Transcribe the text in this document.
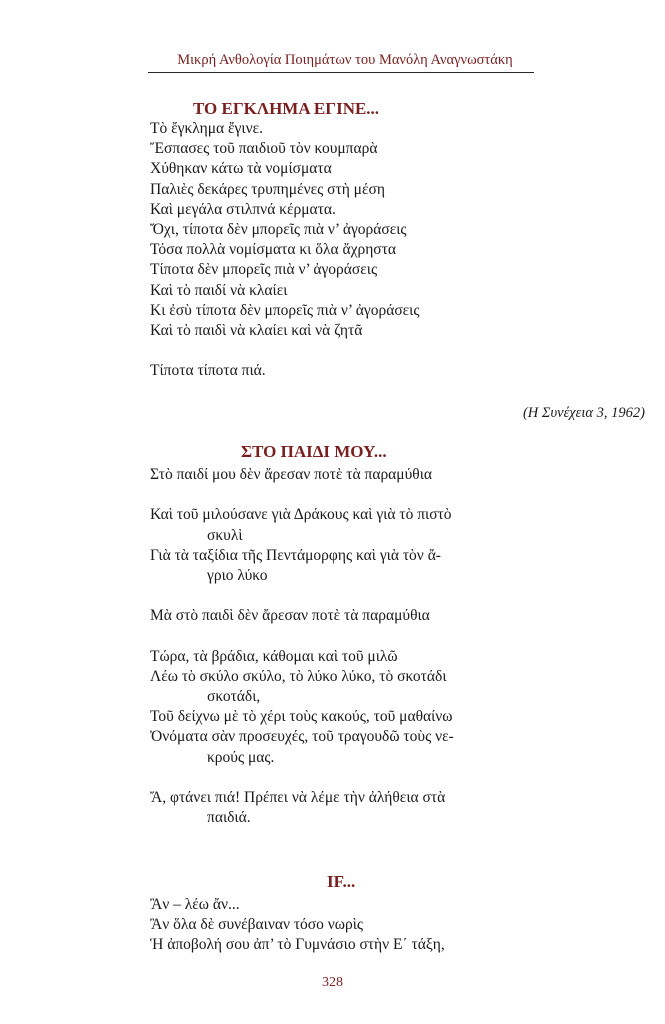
Μικρή Ανθολογία Ποιημάτων του Μανόλη Αναγνωστάκη
ΤΟ ΕΓΚΛΗΜΑ ΕΓΙΝΕ...
Τὸ ἔγκλημα ἔγινε.
Ἔσπασες τοῦ παιδιοῦ τὸν κουμπαρὰ
Χύθηκαν κάτω τὰ νομίσματα
Παλιὲς δεκάρες τρυπημένες στὴ μέση
Καὶ μεγάλα στιλπνά κέρματα.
Ὄχι, τίποτα δὲν μπορεῖς πιὰ ν’ ἀγοράσεις
Τόσα πολλὰ νομίσματα κι ὅλα ἄχρηστα
Τίποτα δὲν μπορεῖς πιὰ ν’ ἀγοράσεις
Καὶ τὸ παιδί νὰ κλαίει
Κι ἐσὺ τίποτα δὲν μπορεῖς πιὰ ν’ ἀγοράσεις
Καὶ τὸ παιδὶ νὰ κλαίει καὶ νὰ ζητᾶ
Τίποτα τίποτα πιά.
(Η Συνέχεια 3, 1962)
ΣΤΟ ΠΑΙΔΙ ΜΟΥ...
Στὸ παιδί μου δὲν ἄρεσαν ποτὲ τὰ παραμύθια
Καὶ τοῦ μιλούσανε γιὰ Δράκους καὶ γιὰ τὸ πιστὸ
σκυλὶ
Γιὰ τὰ ταξίδια τῆς Πεντάμορφης καὶ γιὰ τὸν ἄ-
γριο λύκο
Μὰ στὸ παιδὶ δὲν ἄρεσαν ποτὲ τὰ παραμύθια
Τώρα, τὰ βράδια, κάθομαι καὶ τοῦ μιλῶ
Λέω τὸ σκύλο σκύλο, τὸ λύκο λύκο, τὸ σκοτάδι
σκοτάδι,
Τοῦ δείχνω μὲ τὸ χέρι τοὺς κακούς, τοῦ μαθαίνω
Ὀνόματα σὰν προσευχές, τοῦ τραγουδῶ τοὺς νε-
κρούς μας.
Ἄ, φτάνει πιά! Πρέπει νὰ λέμε τὴν ἀλήθεια στὰ
παιδιά.
IF...
Ἂν – λέω ἄν...
Ἂν ὅλα δὲ συνέβαιναν τόσο νωρὶς
Ἡ ἀποβολή σου ἀπ’ τὸ Γυμνάσιο στὴν Ε΄ τάξη,
328
